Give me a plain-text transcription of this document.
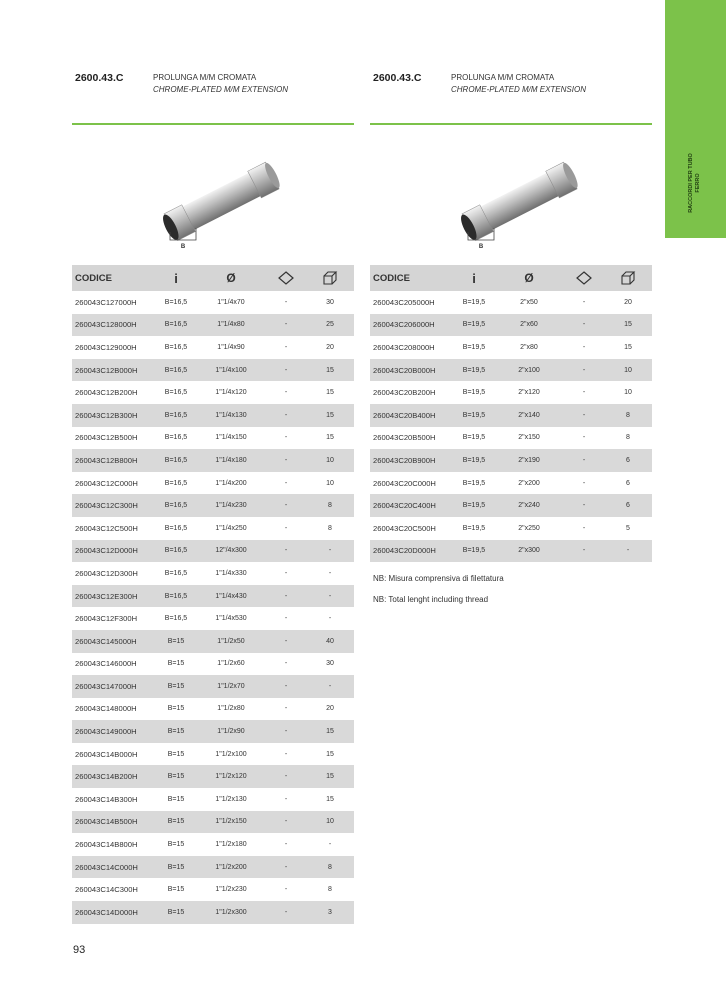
RACCORDI PER TUBO FERRO
2600.43.C	PROLUNGA M/M CROMATA
CHROME-PLATED M/M EXTENSION
B
CODICE	i	Ø		
260043C127000H	B=16,5	1"1/4x70	-	30
260043C128000H	B=16,5	1"1/4x80	-	25
260043C129000H	B=16,5	1"1/4x90	-	20
260043C12B000H	B=16,5	1"1/4x100	-	15
260043C12B200H	B=16,5	1"1/4x120	-	15
260043C12B300H	B=16,5	1"1/4x130	-	15
260043C12B500H	B=16,5	1"1/4x150	-	15
260043C12B800H	B=16,5	1"1/4x180	-	10
260043C12C000H	B=16,5	1"1/4x200	-	10
260043C12C300H	B=16,5	1"1/4x230	-	8
260043C12C500H	B=16,5	1"1/4x250	-	8
260043C12D000H	B=16,5	12"/4x300	-	-
260043C12D300H	B=16,5	1"1/4x330	-	-
260043C12E300H	B=16,5	1"1/4x430	-	-
260043C12F300H	B=16,5	1"1/4x530	-	-
260043C145000H	B=15	1"1/2x50	-	40
260043C146000H	B=15	1"1/2x60	-	30
260043C147000H	B=15	1"1/2x70	-	-
260043C148000H	B=15	1"1/2x80	-	20
260043C149000H	B=15	1"1/2x90	-	15
260043C14B000H	B=15	1"1/2x100	-	15
260043C14B200H	B=15	1"1/2x120	-	15
260043C14B300H	B=15	1"1/2x130	-	15
260043C14B500H	B=15	1"1/2x150	-	10
260043C14B800H	B=15	1"1/2x180	-	-
260043C14C000H	B=15	1"1/2x200	-	8
260043C14C300H	B=15	1"1/2x230	-	8
260043C14D000H	B=15	1"1/2x300	-	3
2600.43.C	PROLUNGA M/M CROMATA
CHROME-PLATED M/M EXTENSION
B
CODICE	i	Ø		
260043C205000H	B=19,5	2"x50	-	20
260043C206000H	B=19,5	2"x60	-	15
260043C208000H	B=19,5	2"x80	-	15
260043C20B000H	B=19,5	2"x100	-	10
260043C20B200H	B=19,5	2"x120	-	10
260043C20B400H	B=19,5	2"x140	-	8
260043C20B500H	B=19,5	2"x150	-	8
260043C20B900H	B=19,5	2"x190	-	6
260043C20C000H	B=19,5	2"x200	-	6
260043C20C400H	B=19,5	2"x240	-	6
260043C20C500H	B=19,5	2"x250	-	5
260043C20D000H	B=19,5	2"x300	-	-
NB: Misura comprensiva di filettatura
NB: Total lenght including thread
93
